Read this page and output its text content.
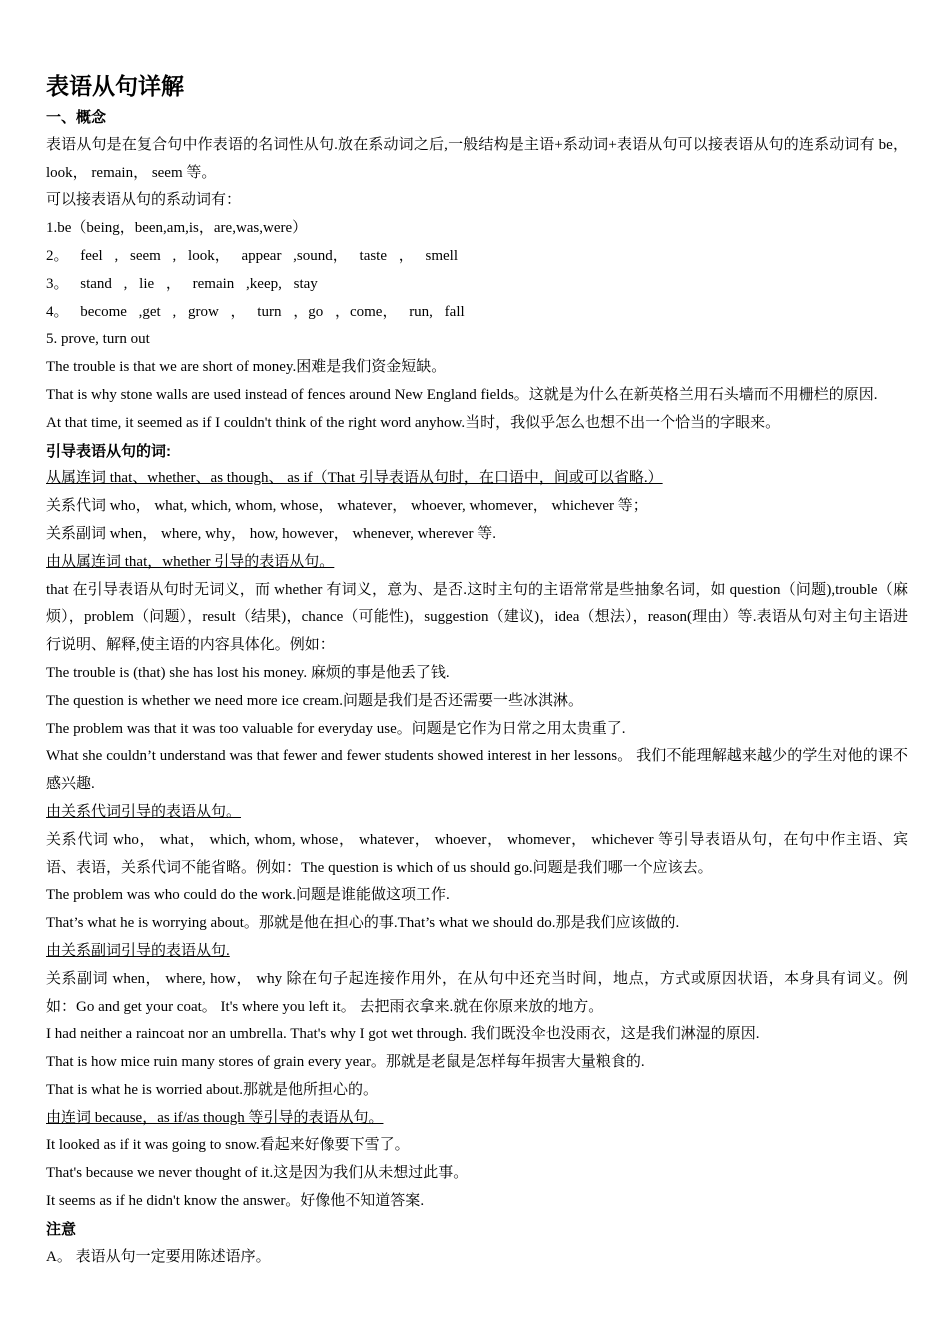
表语从句详解

一、概念

表语从句是在复合句中作表语的名词性从句.放在系动词之后,一般结构是主语+系动词+表语从句可以接表语从句的连系动词有 be， look， remain， seem 等。

可以接表语从句的系动词有：

1.be（being，been,am,is，are,was,were）

2。 feel , seem , look， appear ,sound， taste ， smell

3。 stand , lie ， remain ,keep, stay

4。 become ,get , grow ， turn ，go ，come， run, fall

5. prove, turn out

The trouble is that we are short of money.困难是我们资金短缺。

That is why stone walls are used instead of fences around New England fields。这就是为什么在新英格兰用石头墙而不用栅栏的原因.

At that time, it seemed as if I couldn't think of the right word anyhow.当时，我似乎怎么也想不出一个恰当的字眼来。

引导表语从句的词:

从属连词 that、whether、as though、 as if（That 引导表语从句时，在口语中，间或可以省略.）

关系代词 who， what, which, whom, whose， whatever， whoever, whomever， whichever 等；

关系副词 when， where, why， how, however， whenever, wherever 等.

由从属连词 that，whether 引导的表语从句。

that 在引导表语从句时无词义，而 whether 有词义，意为、是否.这时主句的主语常常是些抽象名词，如 question（问题),trouble（麻烦），problem（问题），result（结果)，chance（可能性)，suggestion（建议)，idea（想法），reason(理由）等.表语从句对主句主语进行说明、解释,使主语的内容具体化。例如：

The trouble is (that) she has lost his money. 麻烦的事是他丢了钱.

The question is whether we need more ice cream.问题是我们是否还需要一些冰淇淋。

The problem was that it was too valuable for everyday use。问题是它作为日常之用太贵重了.

What she couldn’t understand was that fewer and fewer students showed interest in her lessons。 我们不能理解越来越少的学生对他的课不感兴趣.

由关系代词引导的表语从句。

关系代词 who， what， which, whom, whose， whatever， whoever， whomever， whichever 等引导表语从句，在句中作主语、宾语、表语，关系代词不能省略。例如：The question is which of us should go.问题是我们哪一个应该去。

The problem was who could do the work.问题是谁能做这项工作.

That’s what he is worrying about。那就是他在担心的事.That’s what we should do.那是我们应该做的.

由关系副词引导的表语从句.

关系副词 when， where, how， why 除在句子起连接作用外，在从句中还充当时间，地点，方式或原因状语，本身具有词义。例如：Go and get your coat。 It's where you left it。 去把雨衣拿来.就在你原来放的地方。

I had neither a raincoat nor an umbrella. That's why I got wet through. 我们既没伞也没雨衣，这是我们淋湿的原因.

That is how mice ruin many stores of grain every year。那就是老鼠是怎样每年损害大量粮食的.

That is what he is worried about.那就是他所担心的。

由连词 because，as if/as though 等引导的表语从句。

It looked as if it was going to snow.看起来好像要下雪了。

That's because we never thought of it.这是因为我们从未想过此事。

It seems as if he didn't know the answer。好像他不知道答案.

注意

A。 表语从句一定要用陈述语序。
